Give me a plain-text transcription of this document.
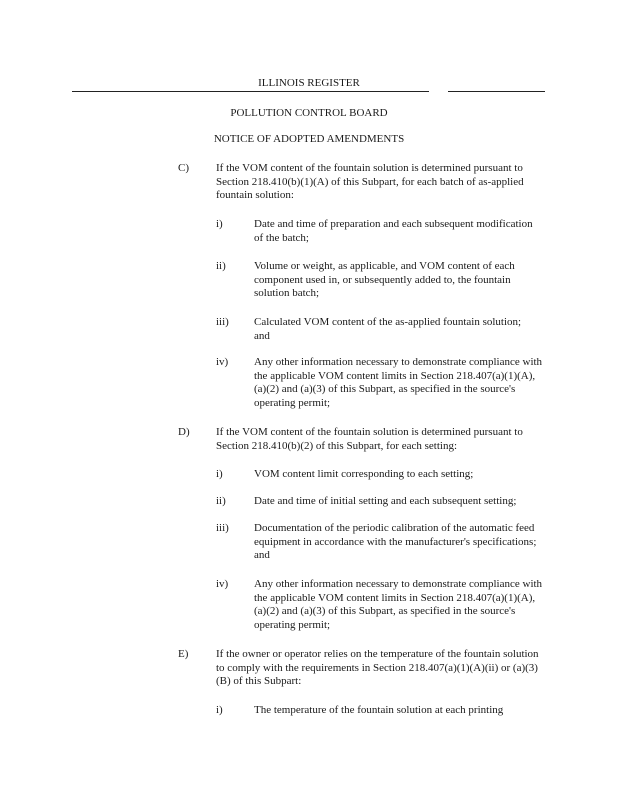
ILLINOIS REGISTER
POLLUTION CONTROL BOARD
NOTICE OF ADOPTED AMENDMENTS
C) If the VOM content of the fountain solution is determined pursuant to Section 218.410(b)(1)(A) of this Subpart, for each batch of as-applied fountain solution:
i)	Date and time of preparation and each subsequent modification of the batch;
ii)	Volume or weight, as applicable, and VOM content of each component used in, or subsequently added to, the fountain solution batch;
iii) Calculated VOM content of the as-applied fountain solution; and
iv) Any other information necessary to demonstrate compliance with the applicable VOM content limits in Section 218.407(a)(1)(A), (a)(2) and (a)(3) of this Subpart, as specified in the source's operating permit;
D) If the VOM content of the fountain solution is determined pursuant to Section 218.410(b)(2) of this Subpart, for each setting:
i)	VOM content limit corresponding to each setting;
ii)	Date and time of initial setting and each subsequent setting;
iii) Documentation of the periodic calibration of the automatic feed equipment in accordance with the manufacturer's specifications; and
iv) Any other information necessary to demonstrate compliance with the applicable VOM content limits in Section 218.407(a)(1)(A), (a)(2) and (a)(3) of this Subpart, as specified in the source's operating permit;
E)	If the owner or operator relies on the temperature of the fountain solution to comply with the requirements in Section 218.407(a)(1)(A)(ii) or (a)(3)(B) of this Subpart:
i)	The temperature of the fountain solution at each printing
